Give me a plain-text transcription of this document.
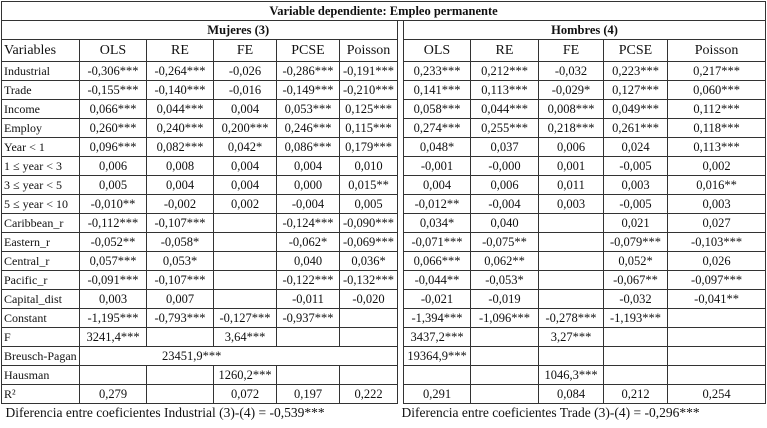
Variable dependiente: Empleo permanente											
	Mujeres (3)						Hombres (4)				
Variables	OLS	RE	FE	PCSE	Poisson		OLS	RE	FE	PCSE	Poisson
Industrial	-0,306***	-0,264***	-0,026	-0,286***	-0,191***		0,233***	0,212***	-0,032	0,223***	0,217***
Trade	-0,155***	-0,140***	-0,016	-0,149***	-0,210***		0,141***	0,113***	-0,029*	0,127***	0,060***
Income	0,066***	0,044***	0,004	0,053***	0,125***		0,058***	0,044***	0,008***	0,049***	0,112***
Employ	0,260***	0,240***	0,200***	0,246***	0,115***		0,274***	0,255***	0,218***	0,261***	0,118***
Year < 1	0,096***	0,082***	0,042*	0,086***	0,179***		0,048*	0,037	0,006	0,024	0,113***
1 ≤ year < 3	0,006	0,008	0,004	0,004	0,010		-0,001	-0,000	0,001	-0,005	0,002
3 ≤ year < 5	0,005	0,004	0,004	0,000	0,015**		0,004	0,006	0,011	0,003	0,016**
5 ≤ year < 10	-0,010**	-0,002	0,002	-0,004	0,005		-0,012**	-0,004	0,003	-0,005	0,003
Caribbean_r	-0,112***	-0,107***		-0,124***	-0,090***		0,034*	0,040		0,021	0,027
Eastern_r	-0,052**	-0,058*		-0,062*	-0,069***		-0,071***	-0,075**		-0,079***	-0,103***
Central_r	0,057***	0,053*		0,040	0,036*		0,066***	0,062**		0,052*	0,026
Pacific_r	-0,091***	-0,107***		-0,122***	-0,132***		-0,044**	-0,053*		-0,067**	-0,097***
Capital_dist	0,003	0,007		-0,011	-0,020		-0,021	-0,019		-0,032	-0,041**
Constant	-1,195***	-0,793***	-0,127***	-0,937***			-1,394***	-1,096***	-0,278***	-1,193***	
F	3241,4***		3,64***				3437,2***		3,27***		
Breusch-Pagan	23451,9***						19364,9***				
Hausman			1260,2***						1046,3***		
R²	0,279		0,072	0,197	0,222		0,291		0,084	0,212	0,254
Diferencia entre coeficientes Industrial (3)-(4) = -0,539***						Diferencia entre coeficientes Trade (3)-(4) = -0,296***					
